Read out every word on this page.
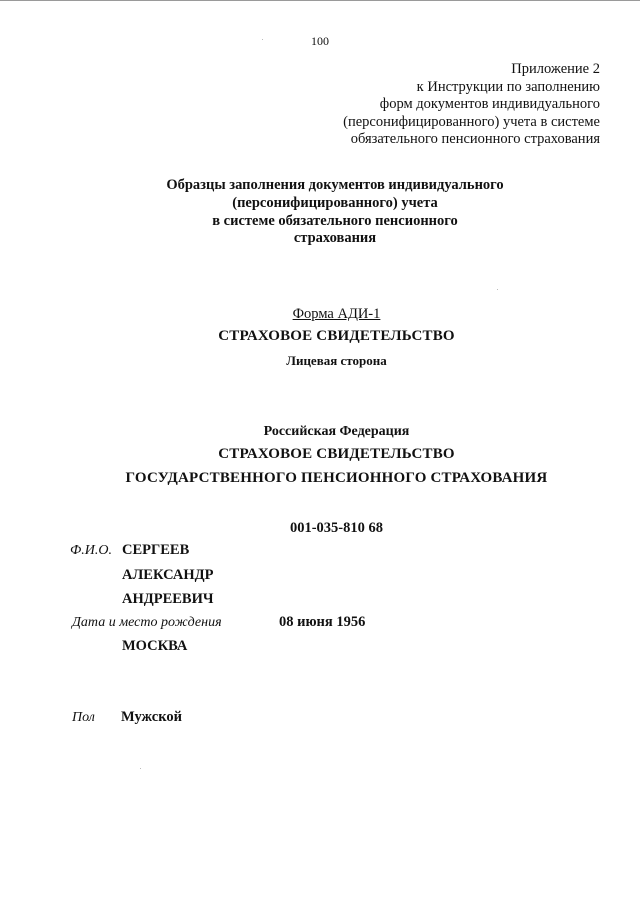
100
Приложение 2
к Инструкции по заполнению
форм документов индивидуального
(персонифицированного) учета в системе
обязательного пенсионного страхования
Образцы заполнения документов индивидуального
(персонифицированного) учета
в системе обязательного пенсионного
страхования
Форма АДИ-1
СТРАХОВОЕ СВИДЕТЕЛЬСТВО
Лицевая сторона
Российская Федерация
СТРАХОВОЕ СВИДЕТЕЛЬСТВО
ГОСУДАРСТВЕННОГО ПЕНСИОННОГО СТРАХОВАНИЯ
001-035-810 68
Ф.И.О. СЕРГЕЕВ
АЛЕКСАНДР
АНДРЕЕВИЧ
Дата и место рождения	08 июня 1956
МОСКВА
Пол Мужской
